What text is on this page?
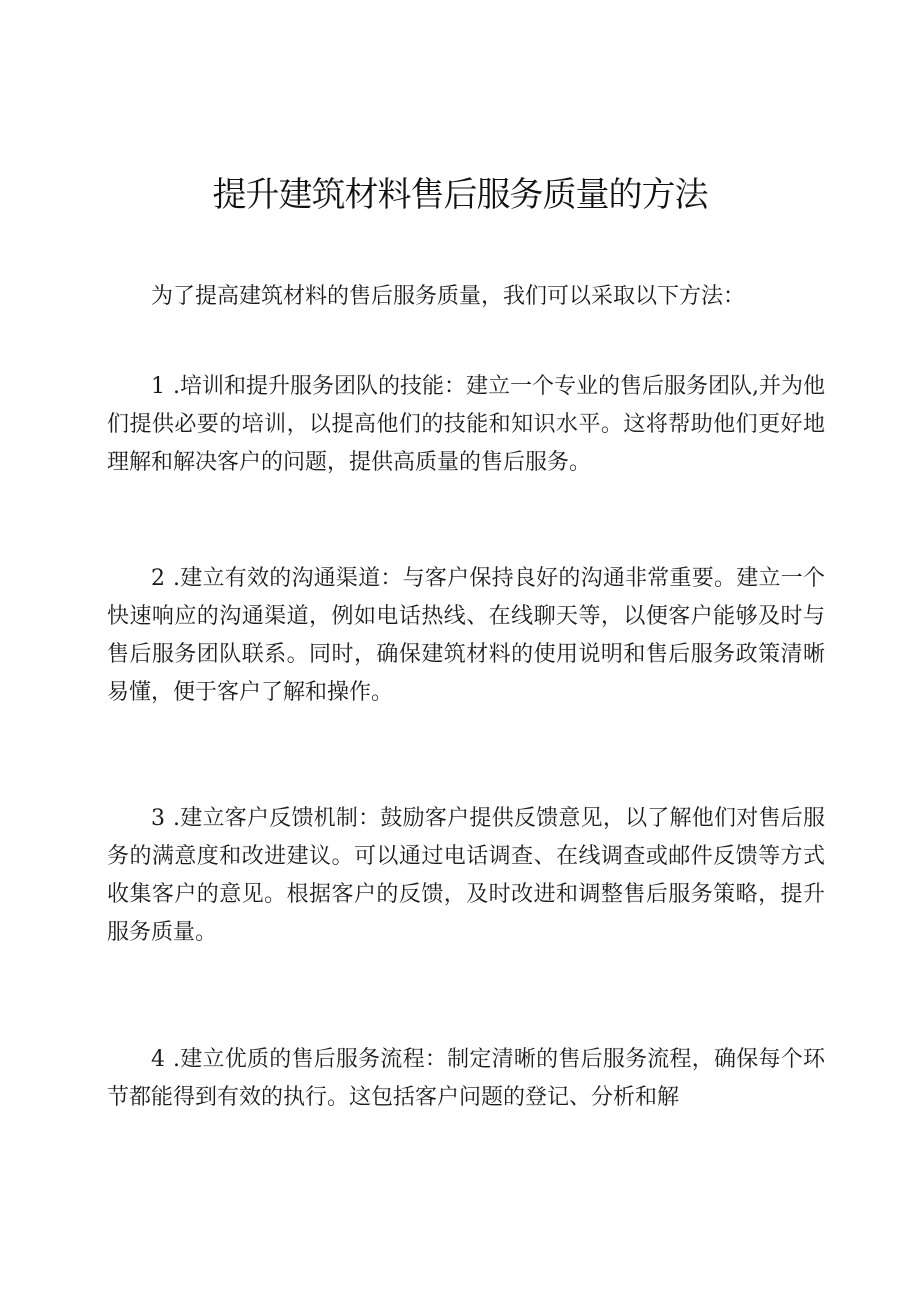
提升建筑材料售后服务质量的方法

为了提高建筑材料的售后服务质量，我们可以采取以下方法：

1 .培训和提升服务团队的技能：建立一个专业的售后服务团队,并为他们提供必要的培训，以提高他们的技能和知识水平。这将帮助他们更好地理解和解决客户的问题，提供高质量的售后服务。

2 .建立有效的沟通渠道：与客户保持良好的沟通非常重要。建立一个快速响应的沟通渠道，例如电话热线、在线聊天等，以便客户能够及时与售后服务团队联系。同时，确保建筑材料的使用说明和售后服务政策清晰易懂，便于客户了解和操作。

3 .建立客户反馈机制：鼓励客户提供反馈意见，以了解他们对售后服务的满意度和改进建议。可以通过电话调查、在线调查或邮件反馈等方式收集客户的意见。根据客户的反馈，及时改进和调整售后服务策略，提升服务质量。

4 .建立优质的售后服务流程：制定清晰的售后服务流程，确保每个环节都能得到有效的执行。这包括客户问题的登记、分析和解
